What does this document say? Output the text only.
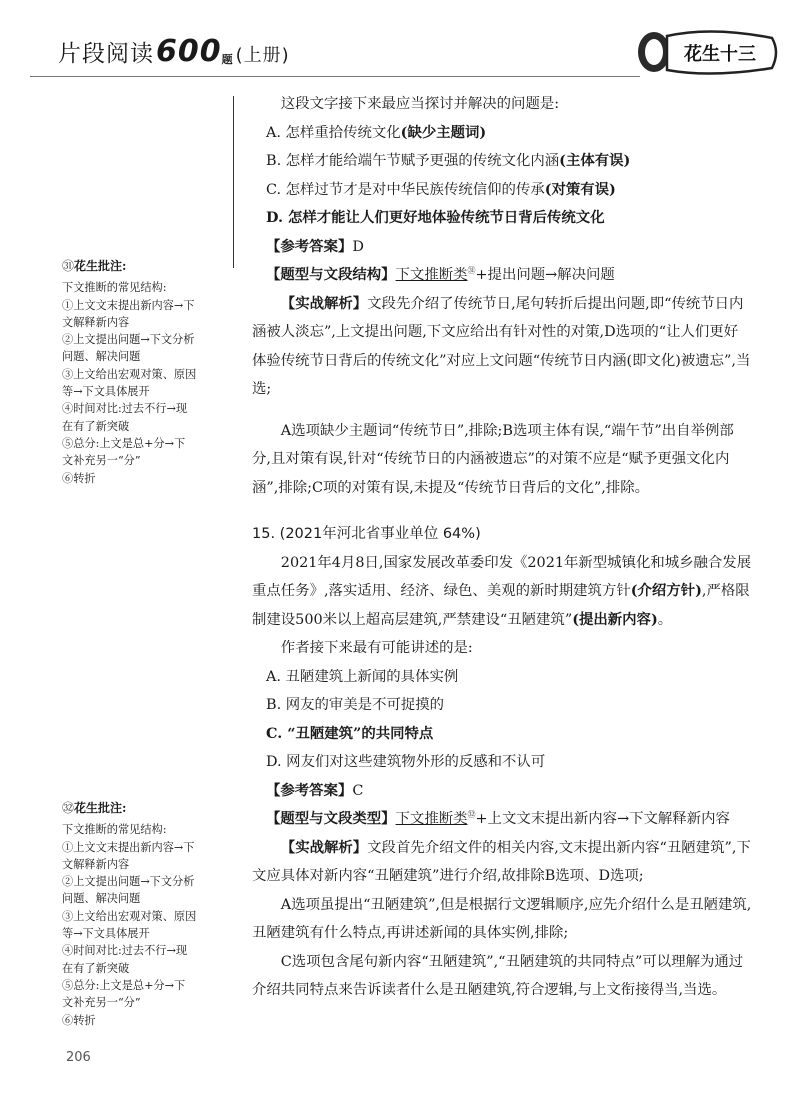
片段阅读600题 (上册)	花生十三

这段文字接下来最应当探讨并解决的问题是:

A. 怎样重拾传统文化(缺少主题词)

B. 怎样才能给端午节赋予更强的传统文化内涵(主体有误)

C. 怎样过节才是对中华民族传统信仰的传承(对策有误)

D. 怎样才能让人们更好地体验传统节日背后传统文化

【参考答案】D

【题型与文段结构】下文推断类$^㉛$+提出问题→解决问题

【实战解析】文段先介绍了传统节日,尾句转折后提出问题,即“传统节日内涵被人淡忘”,上文提出问题,下文应给出有针对性的对策,D选项的“让人们更好体验传统节日背后的传统文化”对应上文问题“传统节日内涵(即文化)被遗忘”,当选;

A选项缺少主题词“传统节日”,排除;B选项主体有误,“端午节”出自举例部分,且对策有误,针对“传统节日的内涵被遗忘”的对策不应是“赋予更强文化内涵”,排除;C项的对策有误,未提及“传统节日背后的文化”,排除。

15. (2021年河北省事业单位 64%)

2021年4月8日,国家发展改革委印发《2021年新型城镇化和城乡融合发展重点任务》,落实适用、经济、绿色、美观的新时期建筑方针(介绍方针),严格限制建设500米以上超高层建筑,严禁建设“丑陋建筑”(提出新内容)。

作者接下来最有可能讲述的是:

A. 丑陋建筑上新闻的具体实例

B. 网友的审美是不可捉摸的

C. “丑陋建筑”的共同特点

D. 网友们对这些建筑物外形的反感和不认可

【参考答案】C

【题型与文段类型】下文推断类$^㉜$+上文文末提出新内容→下文解释新内容

【实战解析】文段首先介绍文件的相关内容,文末提出新内容“丑陋建筑”,下文应具体对新内容“丑陋建筑”进行介绍,故排除B选项、D选项;

A选项虽提出“丑陋建筑”,但是根据行文逻辑顺序,应先介绍什么是丑陋建筑,丑陋建筑有什么特点,再讲述新闻的具体实例,排除;

C选项包含尾句新内容“丑陋建筑”,“丑陋建筑的共同特点”可以理解为通过介绍共同特点来告诉读者什么是丑陋建筑,符合逻辑,与上文衔接得当,当选。

㉛花生批注:
下文推断的常见结构:
①上文文末提出新内容→下
文解释新内容
②上文提出问题→下文分析
问题、解决问题
③上文给出宏观对策、原因
等→下文具体展开
④时间对比:过去不行→现
在有了新突破
⑤总分:上文是总+分→下
文补充另一“分”
⑥转折
㉜花生批注:
下文推断的常见结构:
①上文文末提出新内容→下
文解释新内容
②上文提出问题→下文分析
问题、解决问题
③上文给出宏观对策、原因
等→下文具体展开
④时间对比:过去不行→现
在有了新突破
⑤总分:上文是总+分→下
文补充另一“分”
⑥转折
206
